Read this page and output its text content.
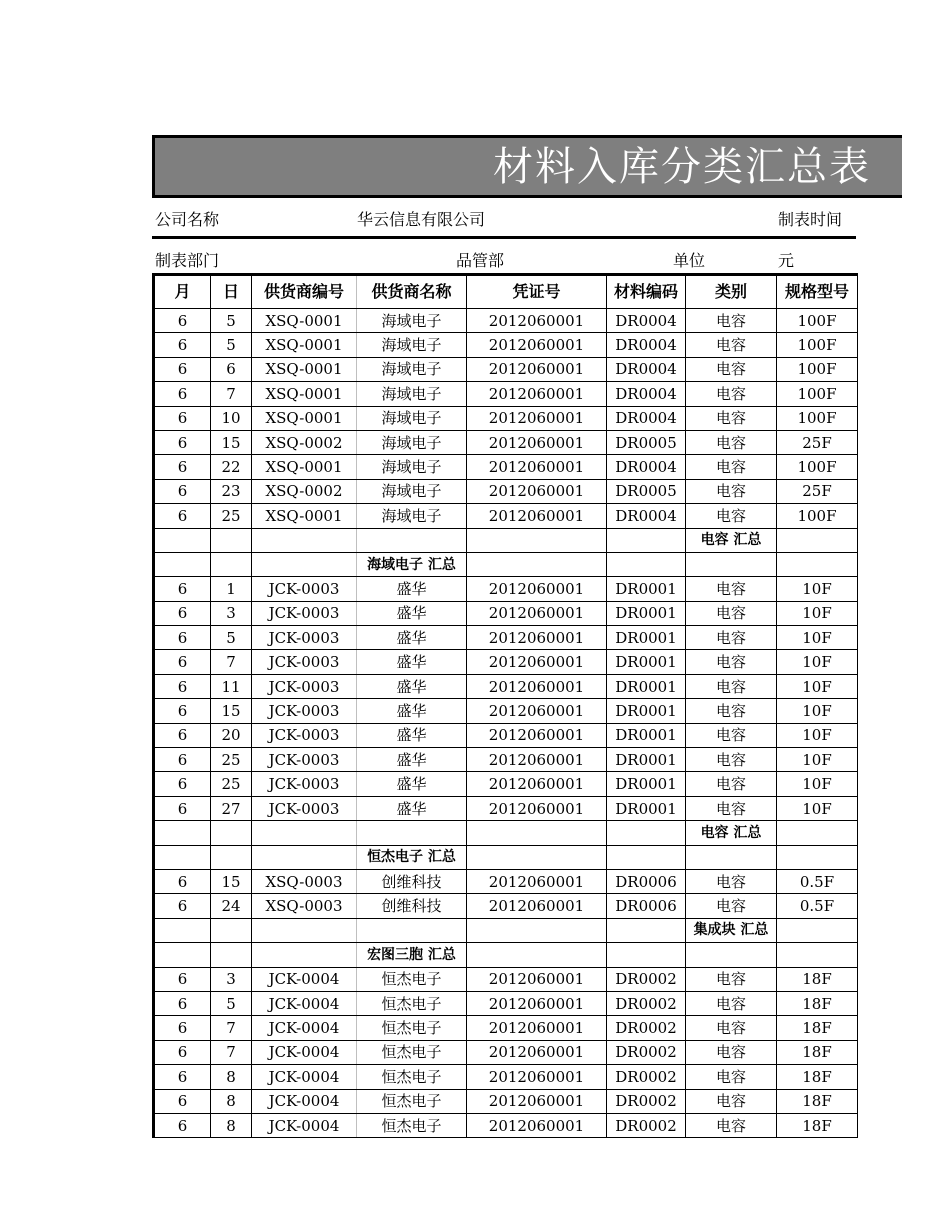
材料入库分类汇总表
公司名称	华云信息有限公司	制表时间
制表部门	品管部	单位	元
月	日	供货商编号	供货商名称	凭证号	材料编码	类别	规格型号
6	5	XSQ-0001	海域电子	2012060001	DR0004	电容	100F
6	5	XSQ-0001	海域电子	2012060001	DR0004	电容	100F
6	6	XSQ-0001	海域电子	2012060001	DR0004	电容	100F
6	7	XSQ-0001	海域电子	2012060001	DR0004	电容	100F
6	10	XSQ-0001	海域电子	2012060001	DR0004	电容	100F
6	15	XSQ-0002	海域电子	2012060001	DR0005	电容	25F
6	22	XSQ-0001	海域电子	2012060001	DR0004	电容	100F
6	23	XSQ-0002	海域电子	2012060001	DR0005	电容	25F
6	25	XSQ-0001	海域电子	2012060001	DR0004	电容	100F
						电容 汇总	
			海域电子 汇总				
6	1	JCK-0003	盛华	2012060001	DR0001	电容	10F
6	3	JCK-0003	盛华	2012060001	DR0001	电容	10F
6	5	JCK-0003	盛华	2012060001	DR0001	电容	10F
6	7	JCK-0003	盛华	2012060001	DR0001	电容	10F
6	11	JCK-0003	盛华	2012060001	DR0001	电容	10F
6	15	JCK-0003	盛华	2012060001	DR0001	电容	10F
6	20	JCK-0003	盛华	2012060001	DR0001	电容	10F
6	25	JCK-0003	盛华	2012060001	DR0001	电容	10F
6	25	JCK-0003	盛华	2012060001	DR0001	电容	10F
6	27	JCK-0003	盛华	2012060001	DR0001	电容	10F
						电容 汇总	
			恒杰电子 汇总				
6	15	XSQ-0003	创维科技	2012060001	DR0006	电容	0.5F
6	24	XSQ-0003	创维科技	2012060001	DR0006	电容	0.5F
						集成块 汇总	
			宏图三胞 汇总				
6	3	JCK-0004	恒杰电子	2012060001	DR0002	电容	18F
6	5	JCK-0004	恒杰电子	2012060001	DR0002	电容	18F
6	7	JCK-0004	恒杰电子	2012060001	DR0002	电容	18F
6	7	JCK-0004	恒杰电子	2012060001	DR0002	电容	18F
6	8	JCK-0004	恒杰电子	2012060001	DR0002	电容	18F
6	8	JCK-0004	恒杰电子	2012060001	DR0002	电容	18F
6	8	JCK-0004	恒杰电子	2012060001	DR0002	电容	18F
